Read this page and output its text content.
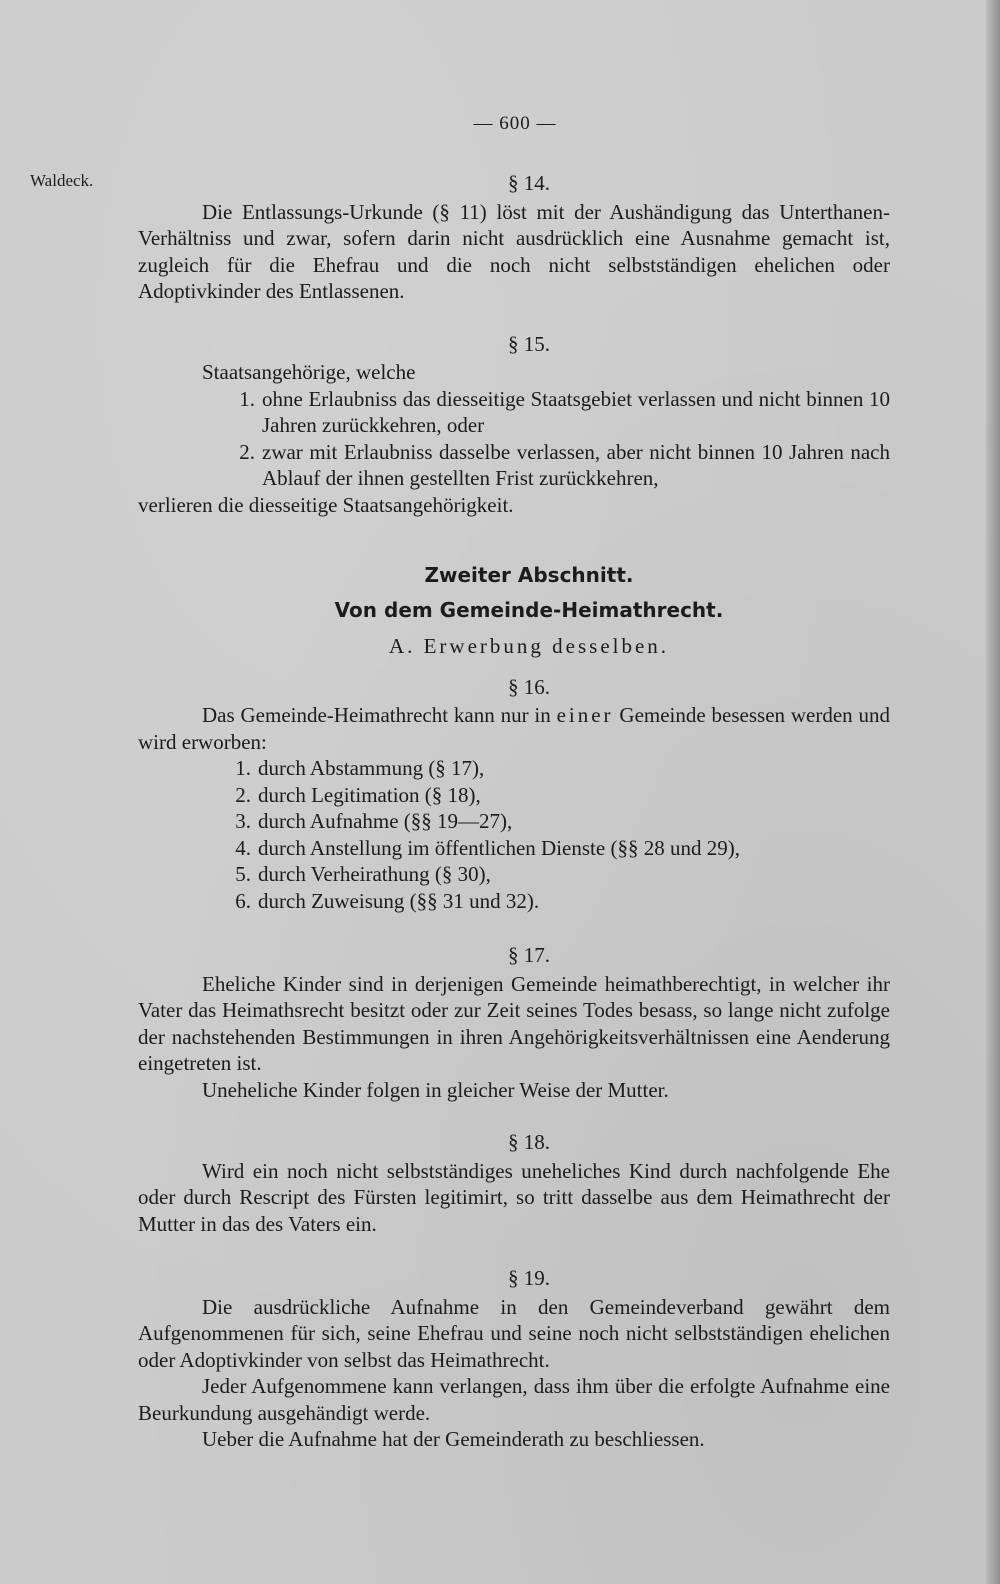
— 600 —
Waldeck.	§ 14.

Die Entlassungs-Urkunde (§ 11) löst mit der Aushändigung das Unterthanen-Verhältniss und zwar, sofern darin nicht ausdrücklich eine Ausnahme gemacht ist, zugleich für die Ehefrau und die noch nicht selbstständigen ehelichen oder Adoptivkinder des Entlassenen.

§ 15.

Staatsangehörige, welche

1. ohne Erlaubniss das diesseitige Staatsgebiet verlassen und nicht binnen 10 Jahren zurückkehren, oder
2. zwar mit Erlaubniss dasselbe verlassen, aber nicht binnen 10 Jahren nach Ablauf der ihnen gestellten Frist zurückkehren,

verlieren die diesseitige Staatsangehörigkeit.

Zweiter Abschnitt.
Von dem Gemeinde-Heimathrecht.
A. Erwerbung desselben.
§ 16.

Das Gemeinde-Heimathrecht kann nur in einer Gemeinde besessen werden und wird erworben:

1. durch Abstammung (§ 17),
2. durch Legitimation (§ 18),
3. durch Aufnahme (§§ 19—27),
4. durch Anstellung im öffentlichen Dienste (§§ 28 und 29),
5. durch Verheirathung (§ 30),
6. durch Zuweisung (§§ 31 und 32).
§ 17.

Eheliche Kinder sind in derjenigen Gemeinde heimathberechtigt, in welcher ihr Vater das Heimathsrecht besitzt oder zur Zeit seines Todes besass, so lange nicht zufolge der nachstehenden Bestimmungen in ihren Angehörigkeitsverhältnissen eine Aenderung eingetreten ist.

Uneheliche Kinder folgen in gleicher Weise der Mutter.

§ 18.

Wird ein noch nicht selbstständiges uneheliches Kind durch nachfolgende Ehe oder durch Rescript des Fürsten legitimirt, so tritt dasselbe aus dem Heimathrecht der Mutter in das des Vaters ein.

§ 19.

Die ausdrückliche Aufnahme in den Gemeindeverband gewährt dem Aufgenommenen für sich, seine Ehefrau und seine noch nicht selbstständigen ehelichen oder Adoptivkinder von selbst das Heimathrecht.

Jeder Aufgenommene kann verlangen, dass ihm über die erfolgte Aufnahme eine Beurkundung ausgehändigt werde.

Ueber die Aufnahme hat der Gemeinderath zu beschliessen.
